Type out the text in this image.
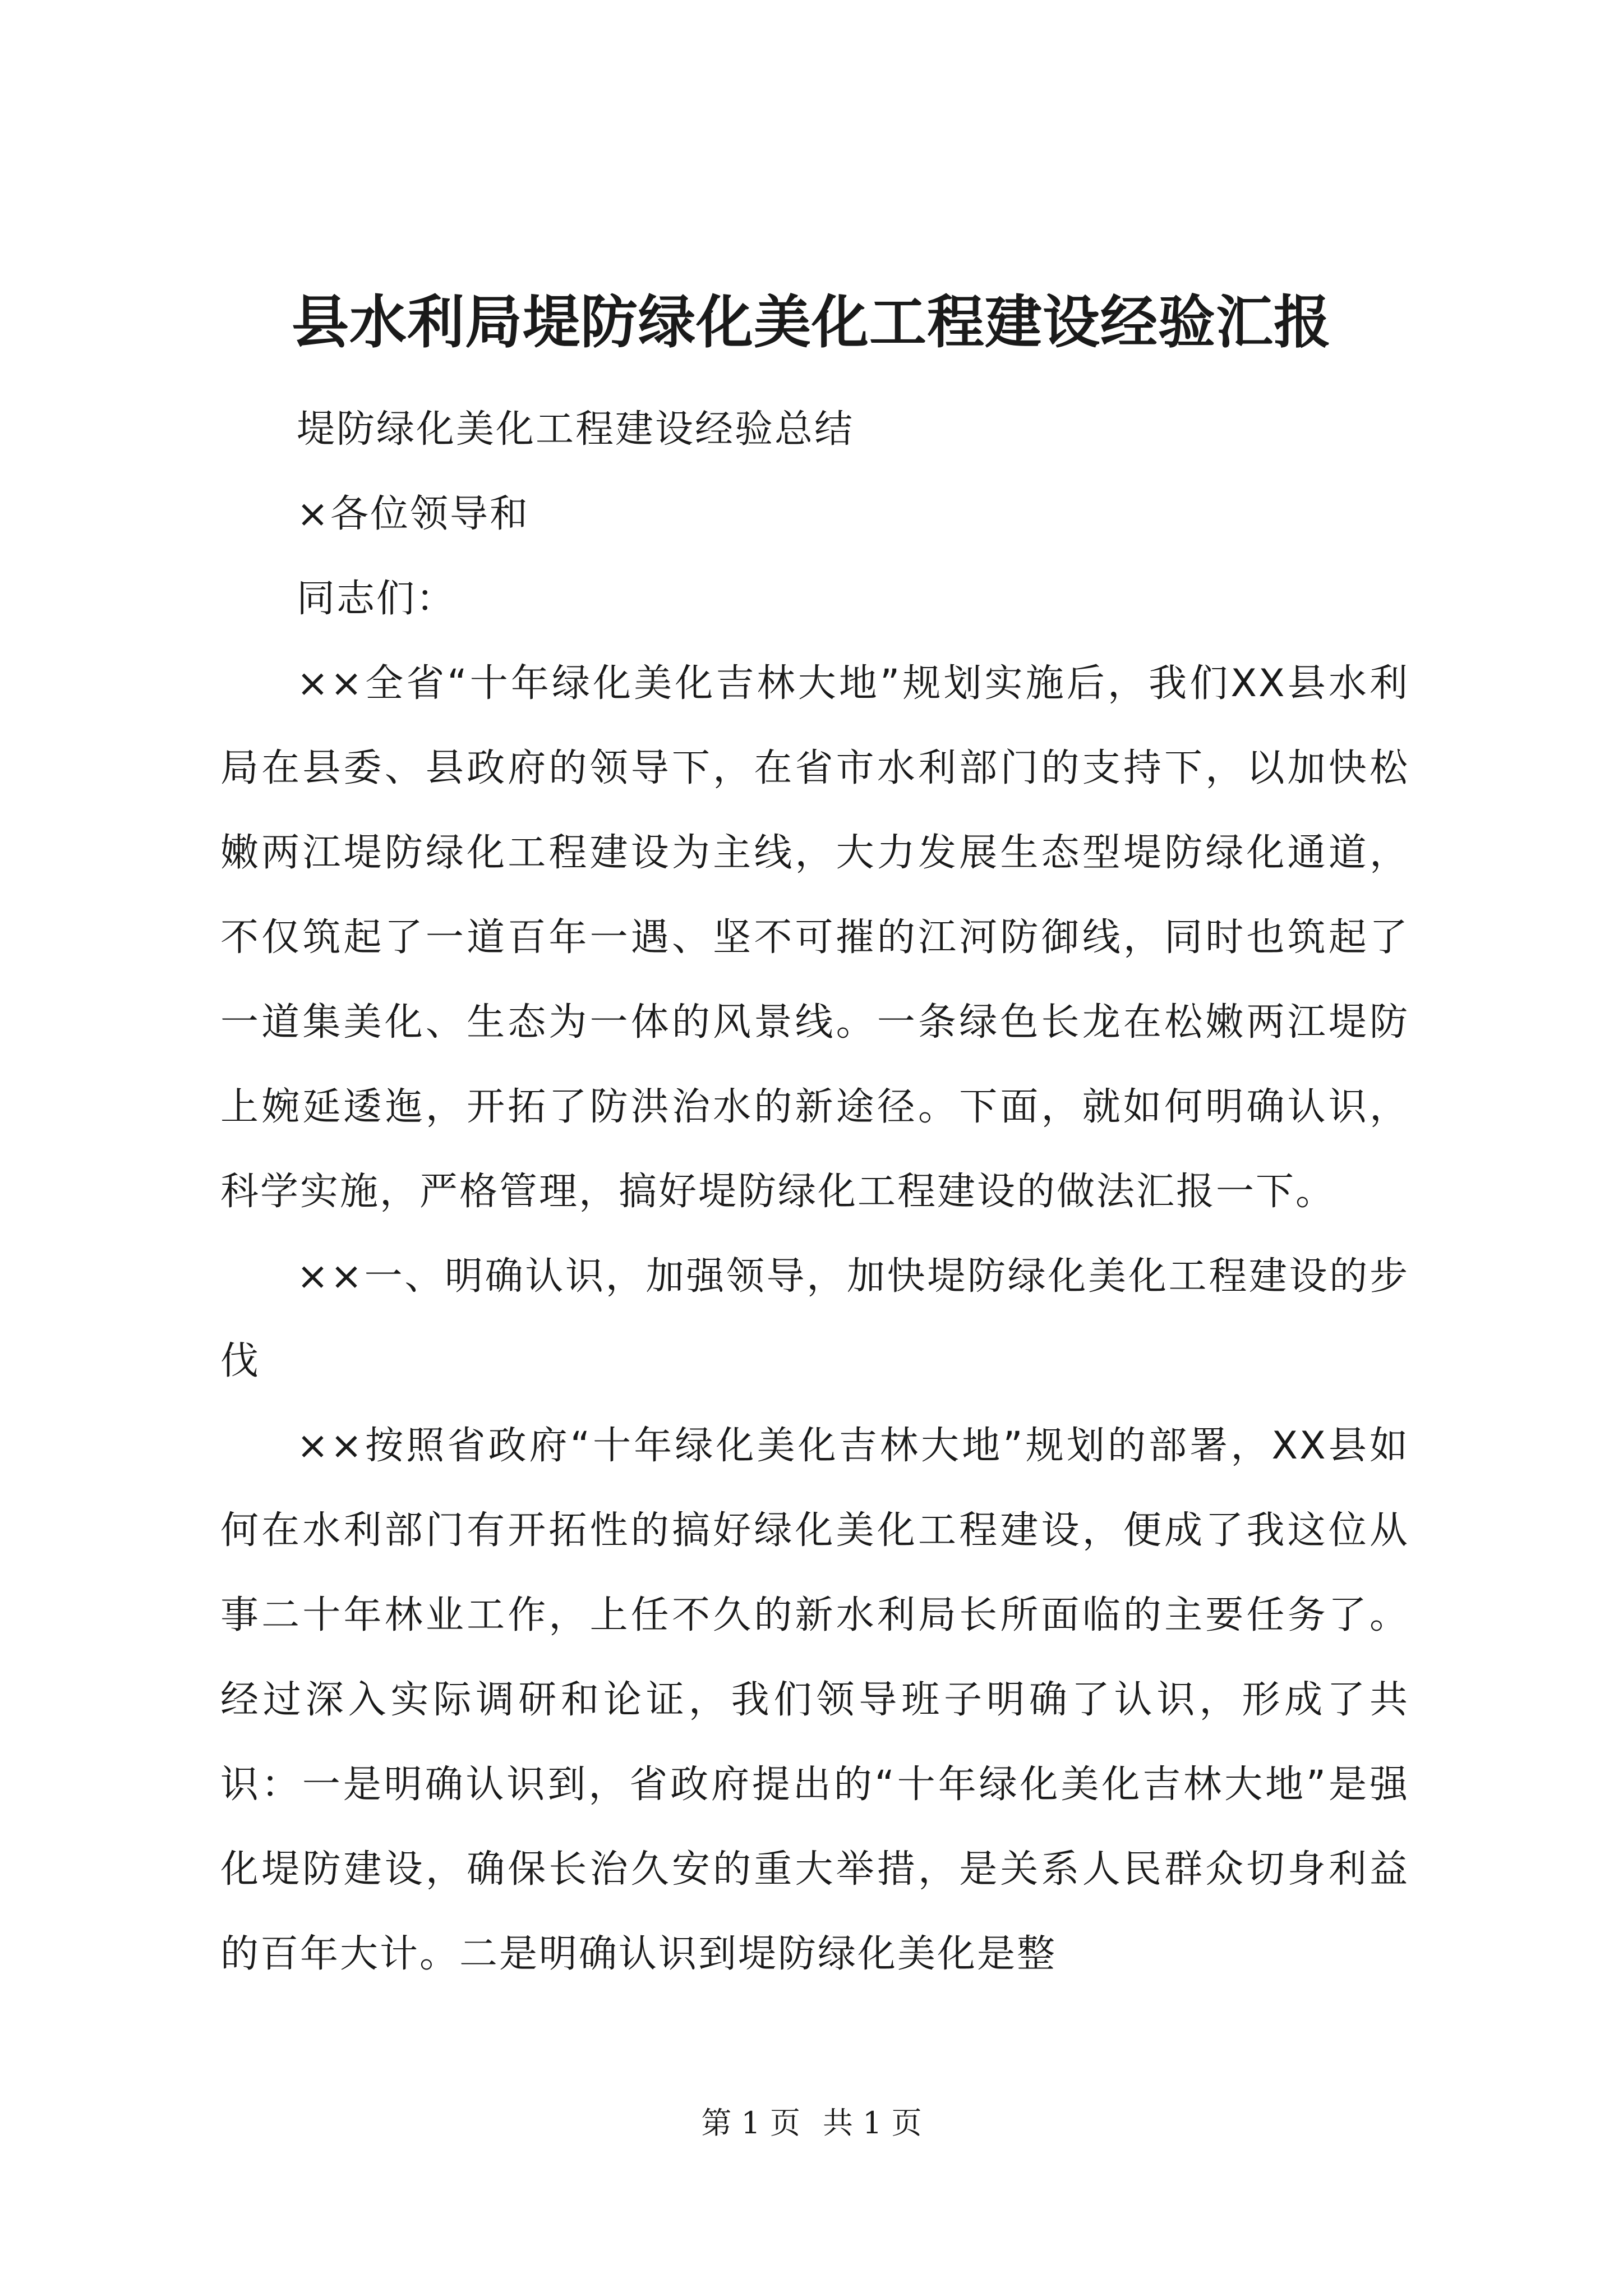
县水利局堤防绿化美化工程建设经验汇报

堤防绿化美化工程建设经验总结

×各位领导和

同志们：

××全省“十年绿化美化吉林大地”规划实施后，我们XX县水利局在县委、县政府的领导下，在省市水利部门的支持下，以加快松嫩两江堤防绿化工程建设为主线，大力发展生态型堤防绿化通道，不仅筑起了一道百年一遇、坚不可摧的江河防御线，同时也筑起了一道集美化、生态为一体的风景线。一条绿色长龙在松嫩两江堤防上婉延逶迤，开拓了防洪治水的新途径。下面，就如何明确认识，科学实施，严格管理，搞好堤防绿化工程建设的做法汇报一下。

××一、明确认识，加强领导，加快堤防绿化美化工程建设的步伐

××按照省政府“十年绿化美化吉林大地”规划的部署，XX县如何在水利部门有开拓性的搞好绿化美化工程建设，便成了我这位从事二十年林业工作，上任不久的新水利局长所面临的主要任务了。经过深入实际调研和论证，我们领导班子明确了认识，形成了共识：一是明确认识到，省政府提出的“十年绿化美化吉林大地”是强化堤防建设，确保长治久安的重大举措，是关系人民群众切身利益的百年大计。二是明确认识到堤防绿化美化是整

第 1 页 共 1 页
